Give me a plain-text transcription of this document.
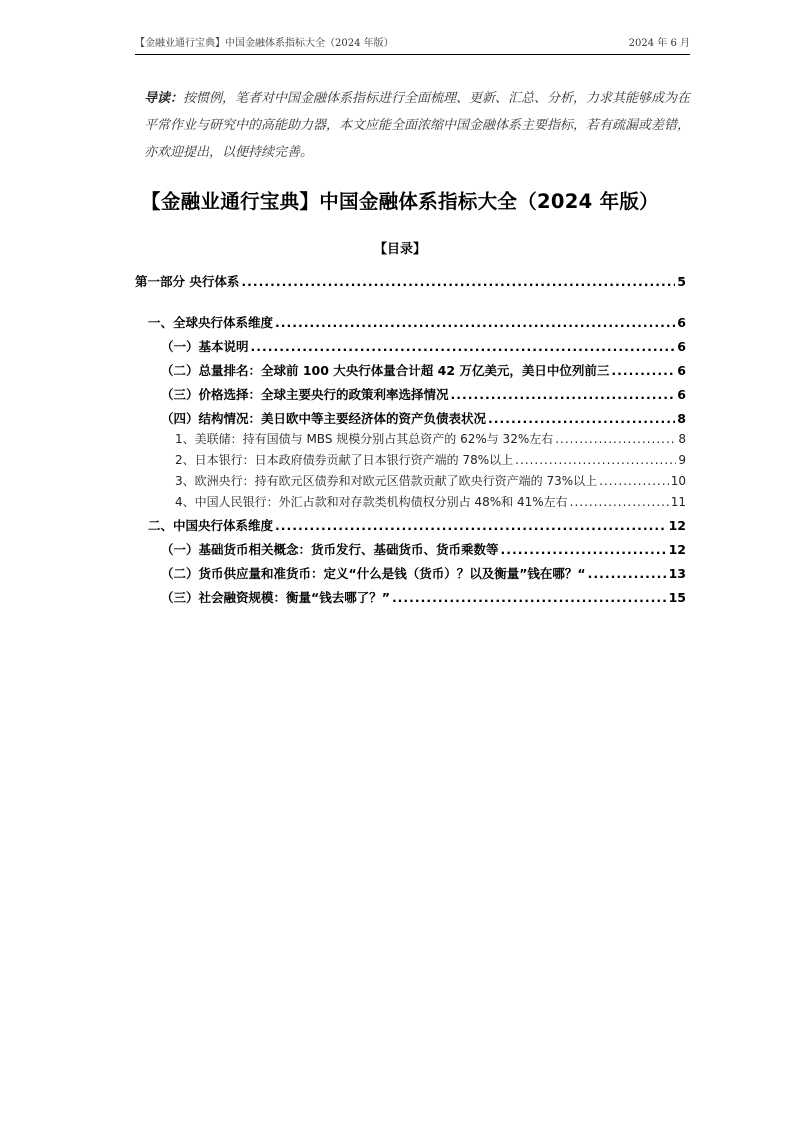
【金融业通行宝典】中国金融体系指标大全（2024 年版）	2024 年 6 月
导读：按惯例，笔者对中国金融体系指标进行全面梳理、更新、汇总、分析，力求其能够成为在平常作业与研究中的高能助力器，本文应能全面浓缩中国金融体系主要指标，若有疏漏或差错，亦欢迎提出，以便持续完善。
【金融业通行宝典】中国金融体系指标大全（2024 年版）
【目录】
第一部分 央行体系 .....	5
一、全球央行体系维度 .....	6
（一）基本说明 .....	6
（二）总量排名：全球前 100 大央行体量合计超 42 万亿美元，美日中位列前三 .....	6
（三）价格选择：全球主要央行的政策利率选择情况 .....	6
（四）结构情况：美日欧中等主要经济体的资产负债表状况 .....	8
1、美联储：持有国债与 MBS 规模分别占其总资产的 62%与 32%左右 .....	8
2、日本银行：日本政府债券贡献了日本银行资产端的 78%以上 .....	9
3、欧洲央行：持有欧元区债券和对欧元区借款贡献了欧央行资产端的 73%以上 .....	10
4、中国人民银行：外汇占款和对存款类机构债权分别占 48%和 41%左右 .....	11
二、中国央行体系维度 .....	12
（一）基础货币相关概念：货币发行、基础货币、货币乘数等 .....	12
（二）货币供应量和准货币：定义“什么是钱（货币）？以及衡量”钱在哪？“ .....	13
（三）社会融资规模：衡量“钱去哪了？” .....	15
